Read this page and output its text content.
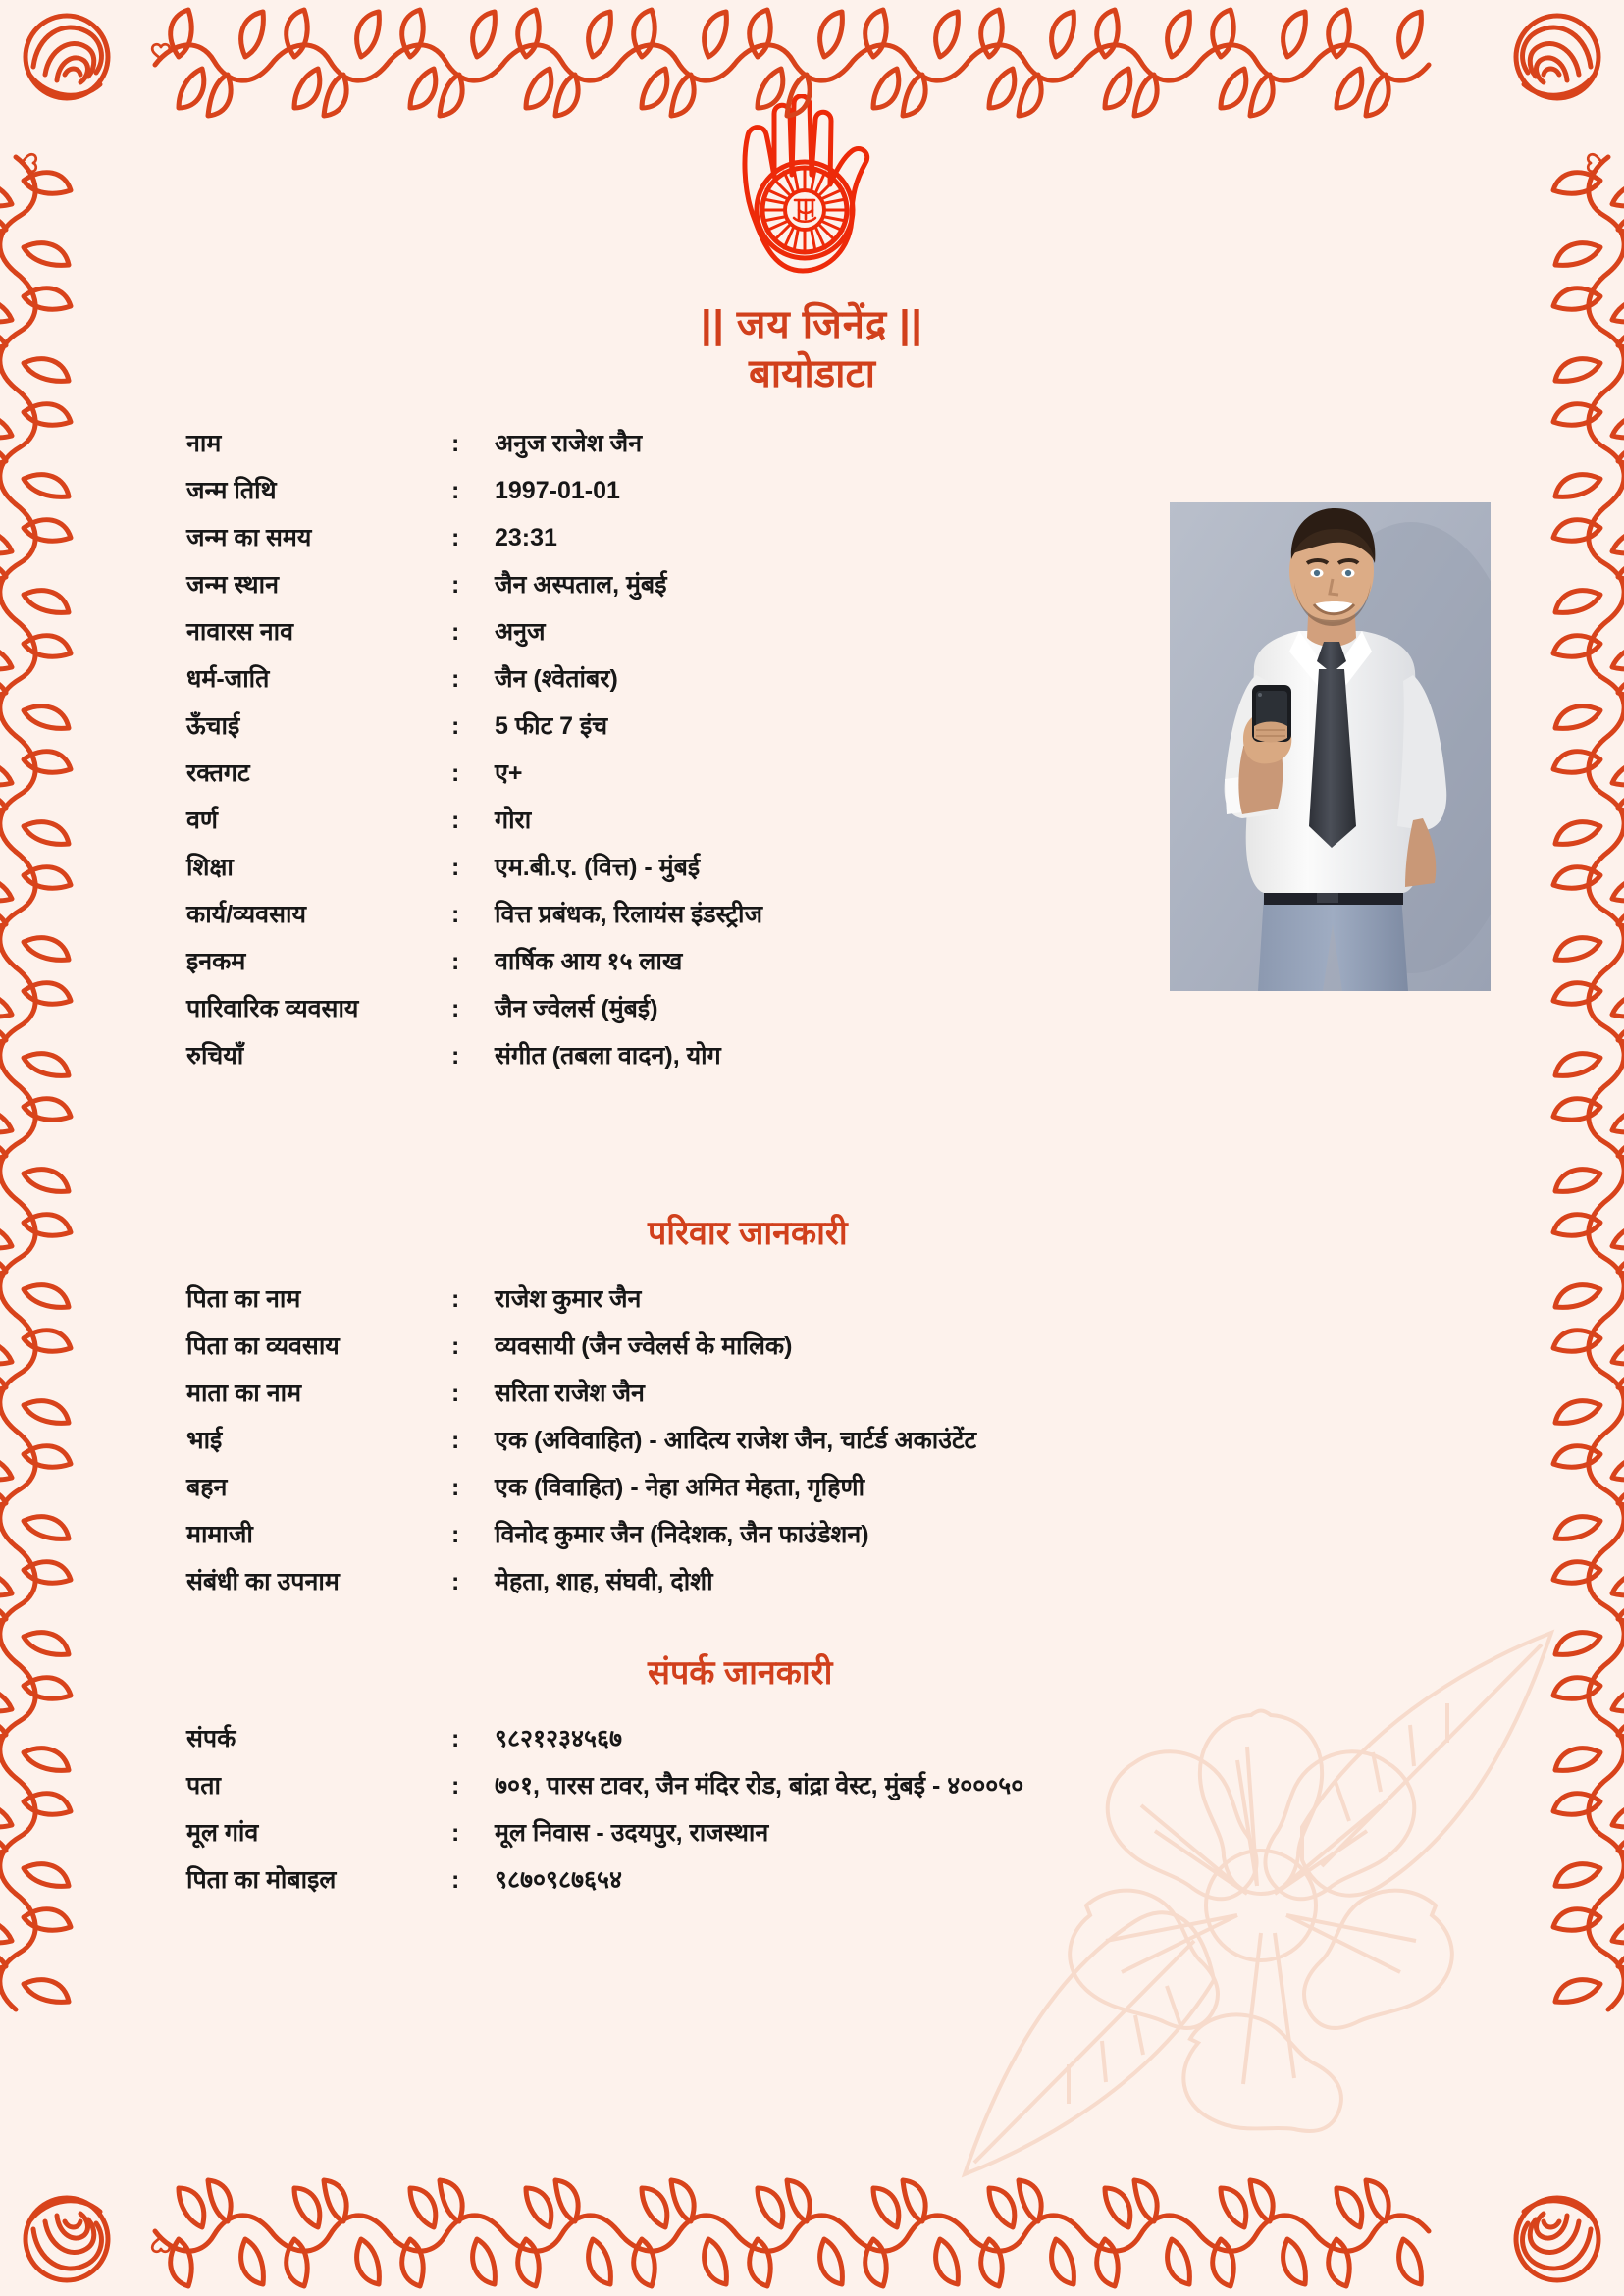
|| जय जिनेंद्र ||
बायोडाटा
नाम	:	अनुज राजेश जैन
जन्म तिथि	:	1997-01-01
जन्म का समय	:	23:31
जन्म स्थान	:	जैन अस्पताल, मुंबई
नावारस नाव	:	अनुज
धर्म-जाति	:	जैन (श्वेतांबर)
ऊँचाई	:	5 फीट 7 इंच
रक्तगट	:	ए+
वर्ण	:	गोरा
शिक्षा	:	एम.बी.ए. (वित्त) - मुंबई
कार्य/व्यवसाय	:	वित्त प्रबंधक, रिलायंस इंडस्ट्रीज
इनकम	:	वार्षिक आय १५ लाख
पारिवारिक व्यवसाय	:	जैन ज्वेलर्स (मुंबई)
रुचियाँ	:	संगीत (तबला वादन), योग
परिवार जानकारी
पिता का नाम	:	राजेश कुमार जैन
पिता का व्यवसाय	:	व्यवसायी (जैन ज्वेलर्स के मालिक)
माता का नाम	:	सरिता राजेश जैन
भाई	:	एक (अविवाहित) - आदित्य राजेश जैन, चार्टर्ड अकाउंटेंट
बहन	:	एक (विवाहित) - नेहा अमित मेहता, गृहिणी
मामाजी	:	विनोद कुमार जैन (निदेशक, जैन फाउंडेशन)
संबंधी का उपनाम	:	मेहता, शाह, संघवी, दोशी
संपर्क जानकारी
संपर्क	:	९८२१२३४५६७
पता	:	७०१, पारस टावर, जैन मंदिर रोड, बांद्रा वेस्ट, मुंबई - ४०००५०
मूल गांव	:	मूल निवास - उदयपुर, राजस्थान
पिता का मोबाइल	:	९८७०९८७६५४
